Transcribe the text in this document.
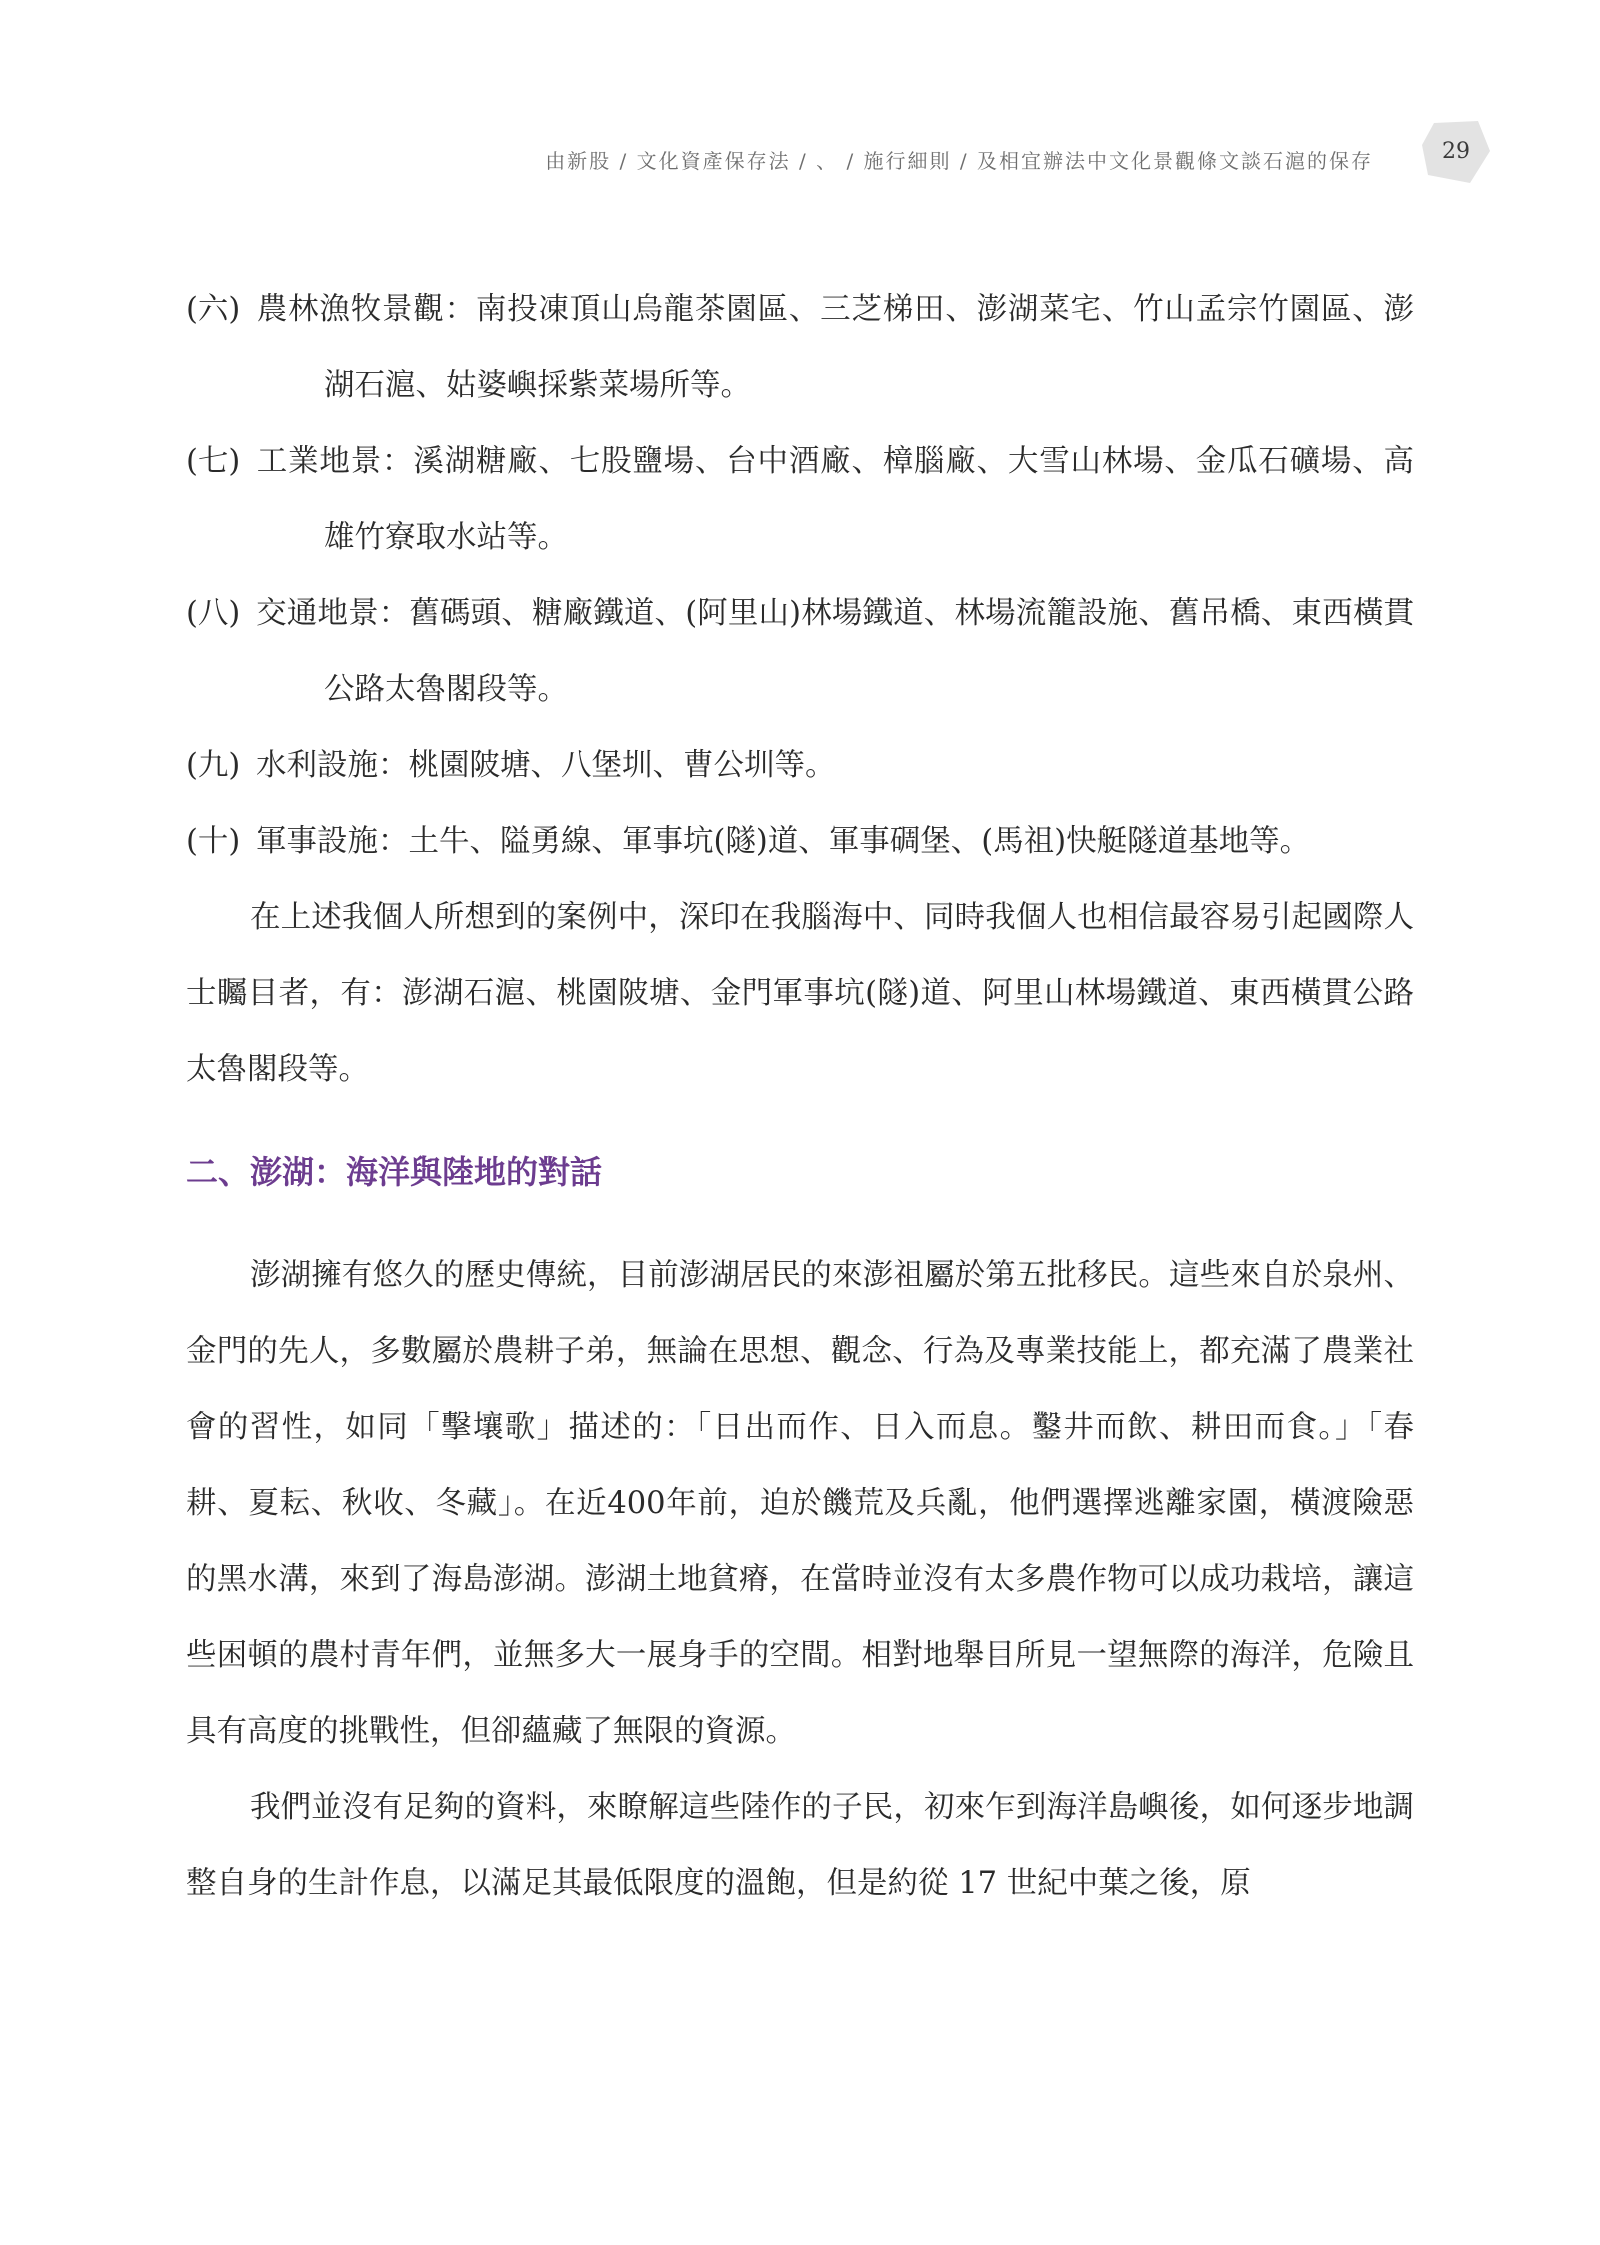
由新股 / 文化資產保存法 / 、 / 施行細則 / 及相宜辦法中文化景觀條文談石滬的保存	29

(六) 農林漁牧景觀：南投凍頂山烏龍茶園區、三芝梯田、澎湖菜宅、竹山孟宗竹園區、澎湖石滬、姑婆嶼採紫菜場所等。

(七) 工業地景：溪湖糖廠、七股鹽場、台中酒廠、樟腦廠、大雪山林場、金瓜石礦場、高雄竹寮取水站等。

(八) 交通地景：舊碼頭、糖廠鐵道、(阿里山)林場鐵道、林場流籠設施、舊吊橋、東西橫貫公路太魯閣段等。

(九) 水利設施：桃園陂塘、八堡圳、曹公圳等。

(十) 軍事設施：土牛、隘勇線、軍事坑(隧)道、軍事碉堡、(馬祖)快艇隧道基地等。

在上述我個人所想到的案例中，深印在我腦海中、同時我個人也相信最容易引起國際人士矚目者，有：澎湖石滬、桃園陂塘、金門軍事坑(隧)道、阿里山林場鐵道、東西橫貫公路太魯閣段等。

二、澎湖：海洋與陸地的對話

澎湖擁有悠久的歷史傳統，目前澎湖居民的來澎祖屬於第五批移民。這些來自於泉州、金門的先人，多數屬於農耕子弟，無論在思想、觀念、行為及專業技能上，都充滿了農業社會的習性，如同「擊壤歌」描述的：「日出而作、日入而息。鑿井而飲、耕田而食。」「春耕、夏耘、秋收、冬藏」。在近400年前，迫於饑荒及兵亂，他們選擇逃離家園，橫渡險惡的黑水溝，來到了海島澎湖。澎湖土地貧瘠，在當時並沒有太多農作物可以成功栽培，讓這些困頓的農村青年們，並無多大一展身手的空間。相對地舉目所見一望無際的海洋，危險且具有高度的挑戰性，但卻蘊藏了無限的資源。

我們並沒有足夠的資料，來瞭解這些陸作的子民，初來乍到海洋島嶼後，如何逐步地調整自身的生計作息，以滿足其最低限度的溫飽，但是約從 17 世紀中葉之後，原
